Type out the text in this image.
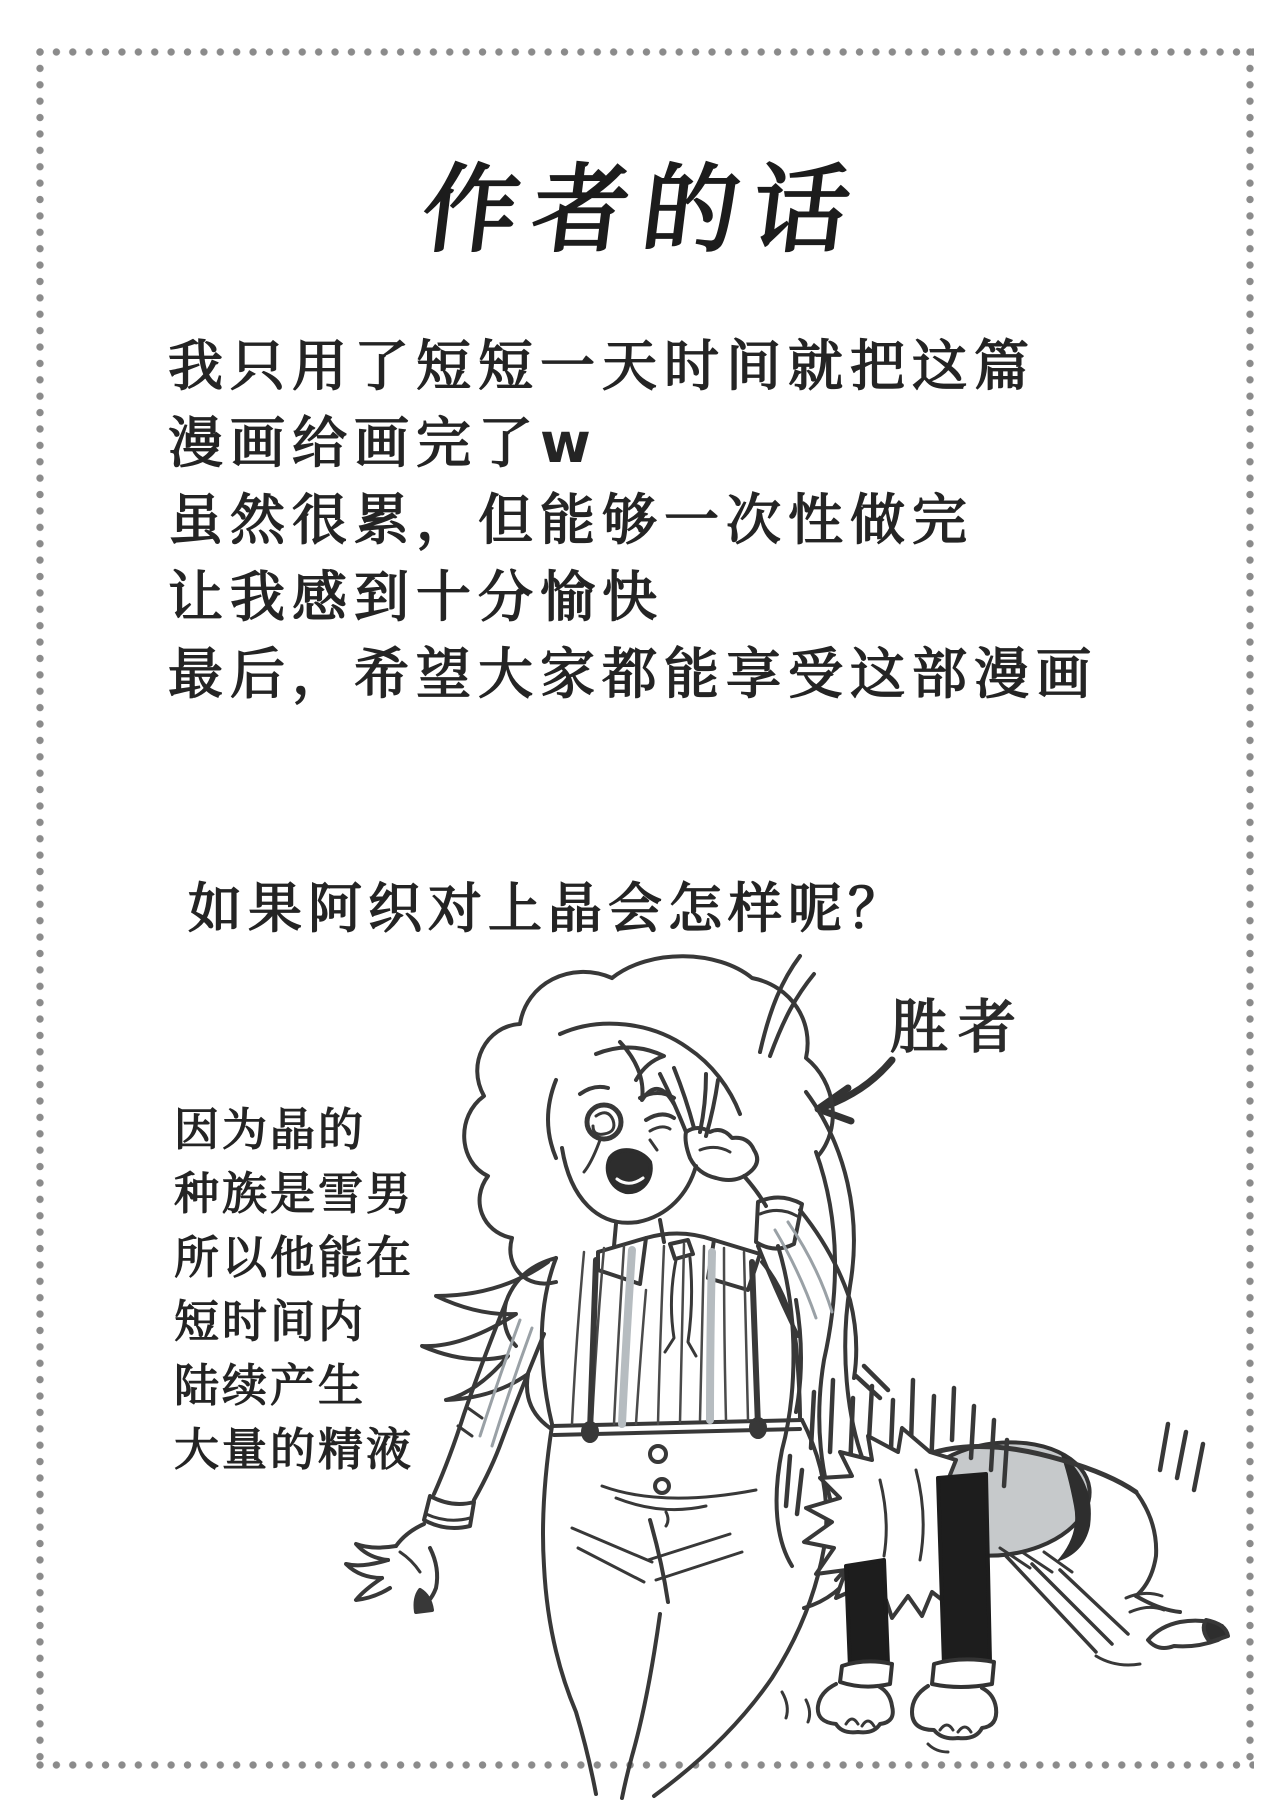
作者的话
我只用了短短一天时间就把这篇
漫画给画完了w
虽然很累，但能够一次性做完
让我感到十分愉快
最后，希望大家都能享受这部漫画
如果阿织对上晶会怎样呢？
胜者
因为晶的
种族是雪男
所以他能在
短时间内
陆续产生
大量的精液
